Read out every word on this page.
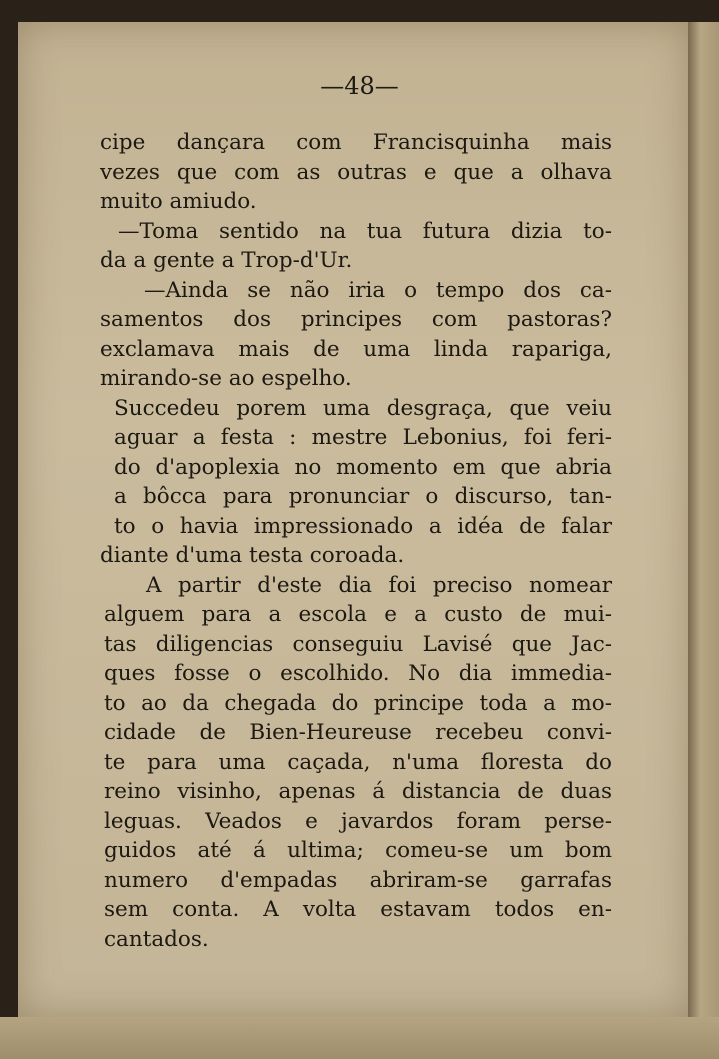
—48—
cipe dançara com Francisquinha mais
vezes que com as outras e que a olhava
muito amiudo.
—Toma sentido na tua futura dizia to-
da a gente a Trop-d'Ur.
—Ainda se não iria o tempo dos ca-
samentos dos principes com pastoras?
exclamava mais de uma linda rapariga,
mirando-se ao espelho.
Succedeu porem uma desgraça, que veiu
aguar a festa : mestre Lebonius, foi feri-
do d'apoplexia no momento em que abria
a bôcca para pronunciar o discurso, tan-
to o havia impressionado a idéa de falar
diante d'uma testa coroada.
A partir d'este dia foi preciso nomear
alguem para a escola e a custo de mui-
tas diligencias conseguiu Lavisé que Jac-
ques fosse o escolhido. No dia immedia-
to ao da chegada do principe toda a mo-
cidade de Bien-Heureuse recebeu convi-
te para uma caçada, n'uma floresta do
reino visinho, apenas á distancia de duas
leguas. Veados e javardos foram perse-
guidos até á ultima; comeu-se um bom
numero d'empadas abriram-se garrafas
sem conta. A volta estavam todos en-
cantados.
